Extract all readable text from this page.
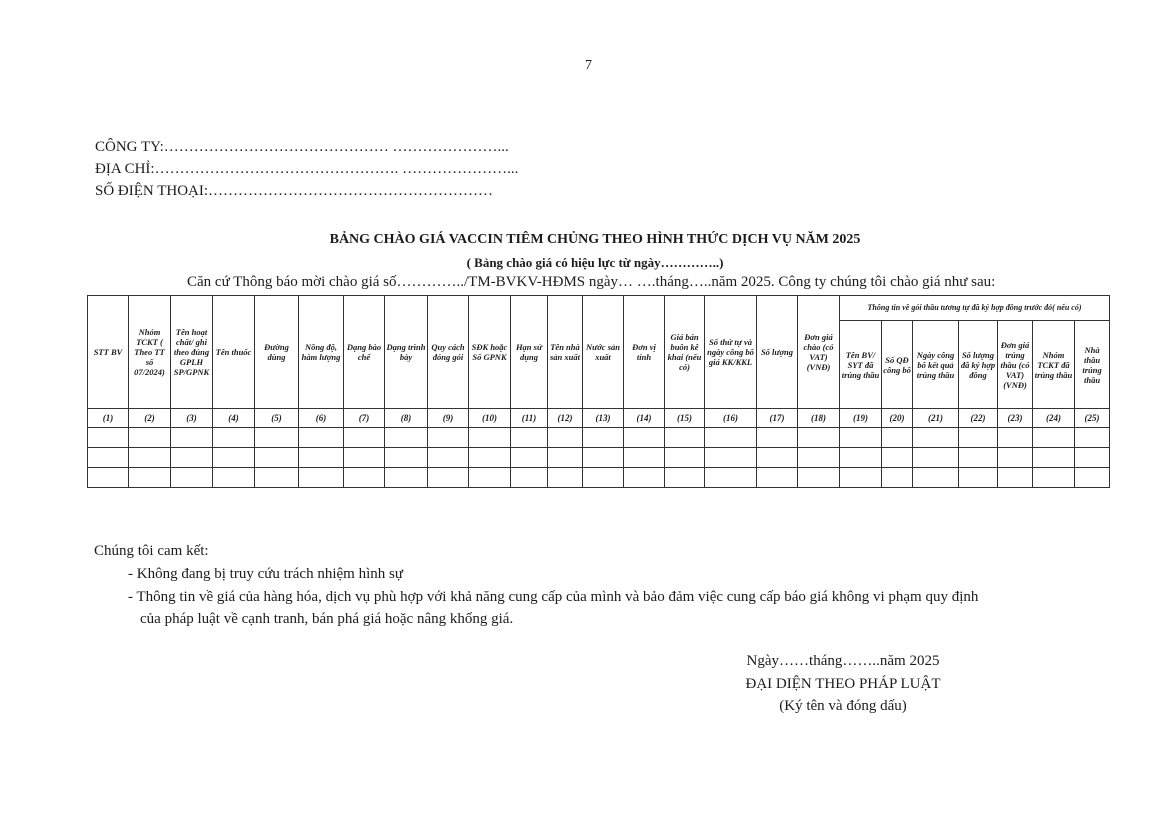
7
CÔNG TY:……………………………………… …………………...
ĐỊA CHỈ:…………………………………………. …………………...
SỐ ĐIỆN THOẠI:…………………………………………………
BẢNG CHÀO GIÁ VACCIN TIÊM CHỦNG THEO HÌNH THỨC DỊCH VỤ NĂM 2025
( Bảng chào giá có hiệu lực từ ngày…………..)
Căn cứ Thông báo mời chào giá số…………../TM-BVKV-HĐMS ngày… ….tháng…..năm 2025. Công ty chúng tôi chào giá như sau:
STT BV	Nhóm TCKT ( Theo TT số 07/2024)	Tên hoạt chất/ ghi theo đúng GPLH SP/GPNK	Tên thuốc	Đường dùng	Nồng độ, hàm lượng	Dạng bào chế	Dạng trình bày	Quy cách đóng gói	SĐK hoặc Số GPNK	Hạn sử dụng	Tên nhà sản xuất	Nước sản xuất	Đơn vị tính	Giá bán buôn kê khai (nếu có)	Số thứ tự và ngày công bố giá KK/KKL	Số lượng	Đơn giá chào (có VAT) (VNĐ)	Thông tin về gói thầu tương tự đã ký hợp đồng trước đó( nếu có)						
																		Tên BV/ SYT đã trúng thầu	Số QĐ công bố	Ngày công bố kết quả trúng thầu	Số lượng đã ký hợp đồng	Đơn giá trúng thầu (có VAT) (VNĐ)	Nhóm TCKT đã trúng thầu	Nhà thầu trúng thầu
(1)	(2)	(3)	(4)	(5)	(6)	(7)	(8)	(9)	(10)	(11)	(12)	(13)	(14)	(15)	(16)	(17)	(18)	(19)	(20)	(21)	(22)	(23)	(24)	(25)

Chúng tôi cam kết:
- Không đang bị truy cứu trách nhiệm hình sự
- Thông tin về giá của hàng hóa, dịch vụ phù hợp với khả năng cung cấp của mình và bảo đảm việc cung cấp báo giá không vi phạm quy định
của pháp luật về cạnh tranh, bán phá giá hoặc nâng khống giá.
Ngày……tháng……..năm 2025
ĐẠI DIỆN THEO PHÁP LUẬT
(Ký tên và đóng dấu)
